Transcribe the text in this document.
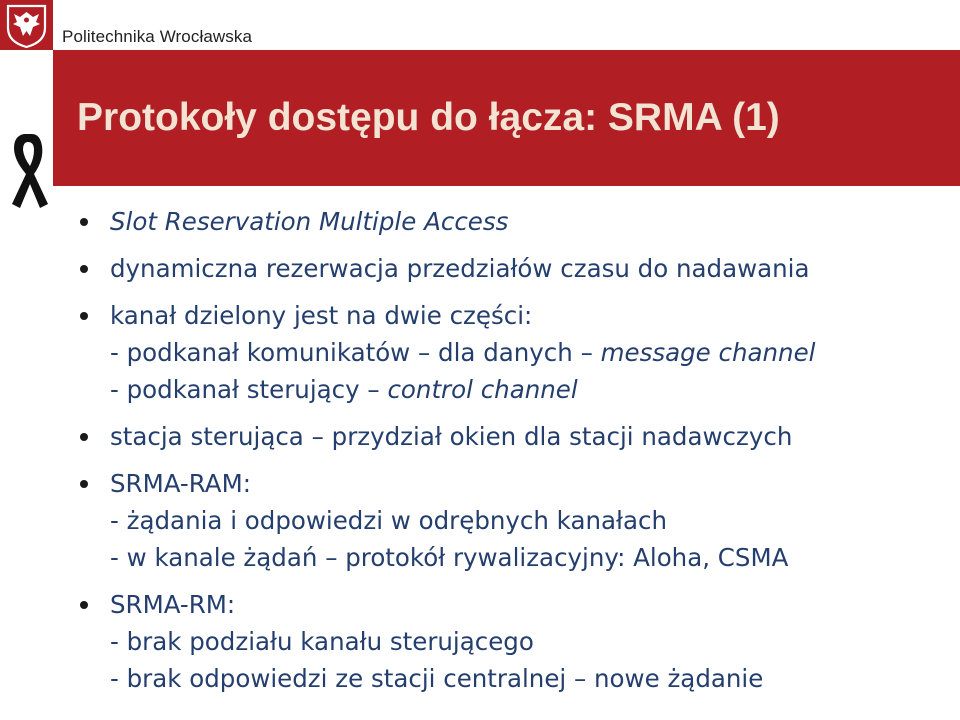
Politechnika Wrocławska
Protokoły dostępu do łącza: SRMA (1)
Slot Reservation Multiple Access
dynamiczna rezerwacja przedziałów czasu do nadawania
kanał dzielony jest na dwie części:
- podkanał komunikatów – dla danych – message channel
- podkanał sterujący – control channel
stacja sterująca – przydział okien dla stacji nadawczych
SRMA-RAM:
- żądania i odpowiedzi w odrębnych kanałach
- w kanale żądań – protokół rywalizacyjny: Aloha, CSMA
SRMA-RM:
- brak podziału kanału sterującego
- brak odpowiedzi ze stacji centralnej – nowe żądanie
